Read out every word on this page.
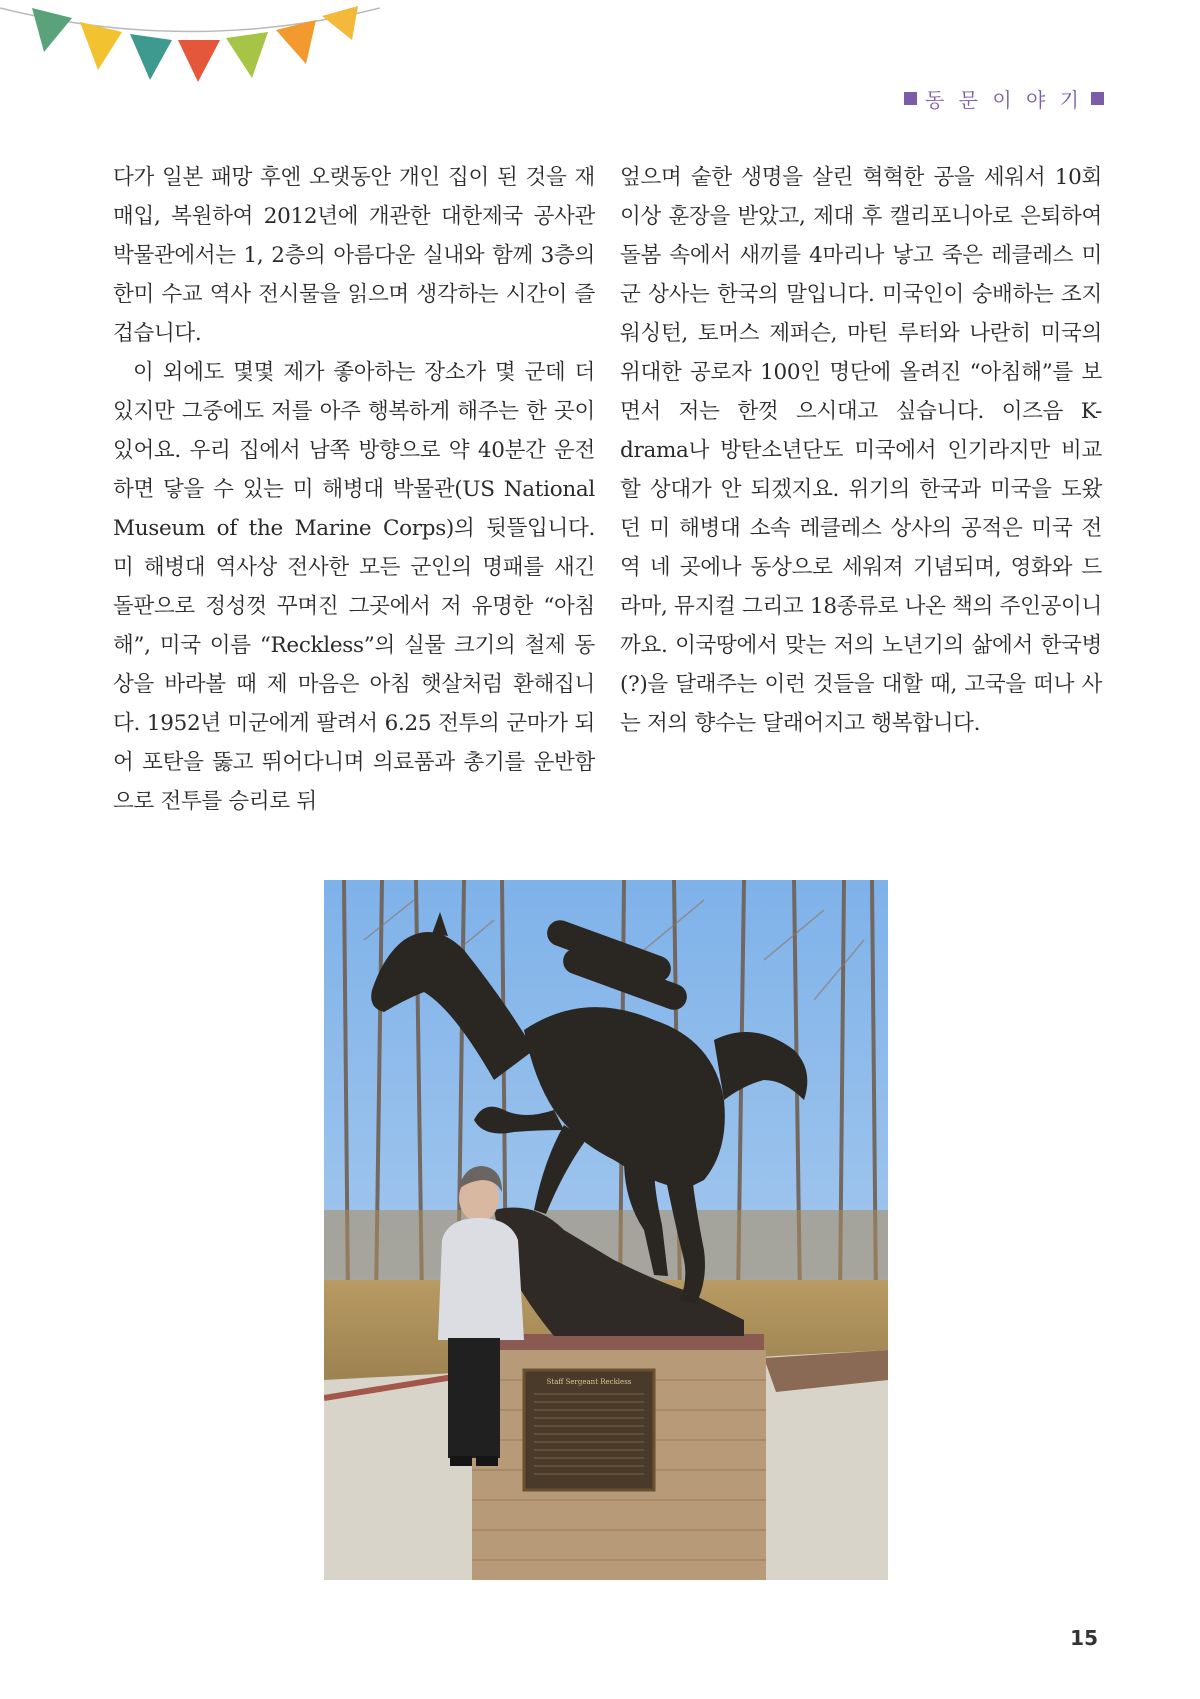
동 문 이 야 기

다가 일본 패망 후엔 오랫동안 개인 집이 된 것을 재매입, 복원하여 2012년에 개관한 대한제국 공사관 박물관에서는 1, 2층의 아름다운 실내와 함께 3층의 한미 수교 역사 전시물을 읽으며 생각하는 시간이 즐겁습니다.

이 외에도 몇몇 제가 좋아하는 장소가 몇 군데 더 있지만 그중에도 저를 아주 행복하게 해주는 한 곳이 있어요. 우리 집에서 남쪽 방향으로 약 40분간 운전하면 닿을 수 있는 미 해병대 박물관(US National Museum of the Marine Corps)의 뒷뜰입니다. 미 해병대 역사상 전사한 모든 군인의 명패를 새긴 돌판으로 정성껏 꾸며진 그곳에서 저 유명한 “아침해”, 미국 이름 “Reckless”의 실물 크기의 철제 동상을 바라볼 때 제 마음은 아침 햇살처럼 환해집니다. 1952년 미군에게 팔려서 6.25 전투의 군마가 되어 포탄을 뚫고 뛰어다니며 의료품과 총기를 운반함으로 전투를 승리로 뒤

엎으며 숱한 생명을 살린 혁혁한 공을 세워서 10회 이상 훈장을 받았고, 제대 후 캘리포니아로 은퇴하여 돌봄 속에서 새끼를 4마리나 낳고 죽은 레클레스 미군 상사는 한국의 말입니다. 미국인이 숭배하는 조지 워싱턴, 토머스 제퍼슨, 마틴 루터와 나란히 미국의 위대한 공로자 100인 명단에 올려진 “아침해”를 보면서 저는 한껏 으시대고 싶습니다. 이즈음 K-drama나 방탄소년단도 미국에서 인기라지만 비교할 상대가 안 되겠지요. 위기의 한국과 미국을 도왔던 미 해병대 소속 레클레스 상사의 공적은 미국 전역 네 곳에나 동상으로 세워져 기념되며, 영화와 드라마, 뮤지컬 그리고 18종류로 나온 책의 주인공이니까요. 이국땅에서 맞는 저의 노년기의 삶에서 한국병(?)을 달래주는 이런 것들을 대할 때, 고국을 떠나 사는 저의 향수는 달래어지고 행복합니다.

Staff Sergeant Reckless
15
